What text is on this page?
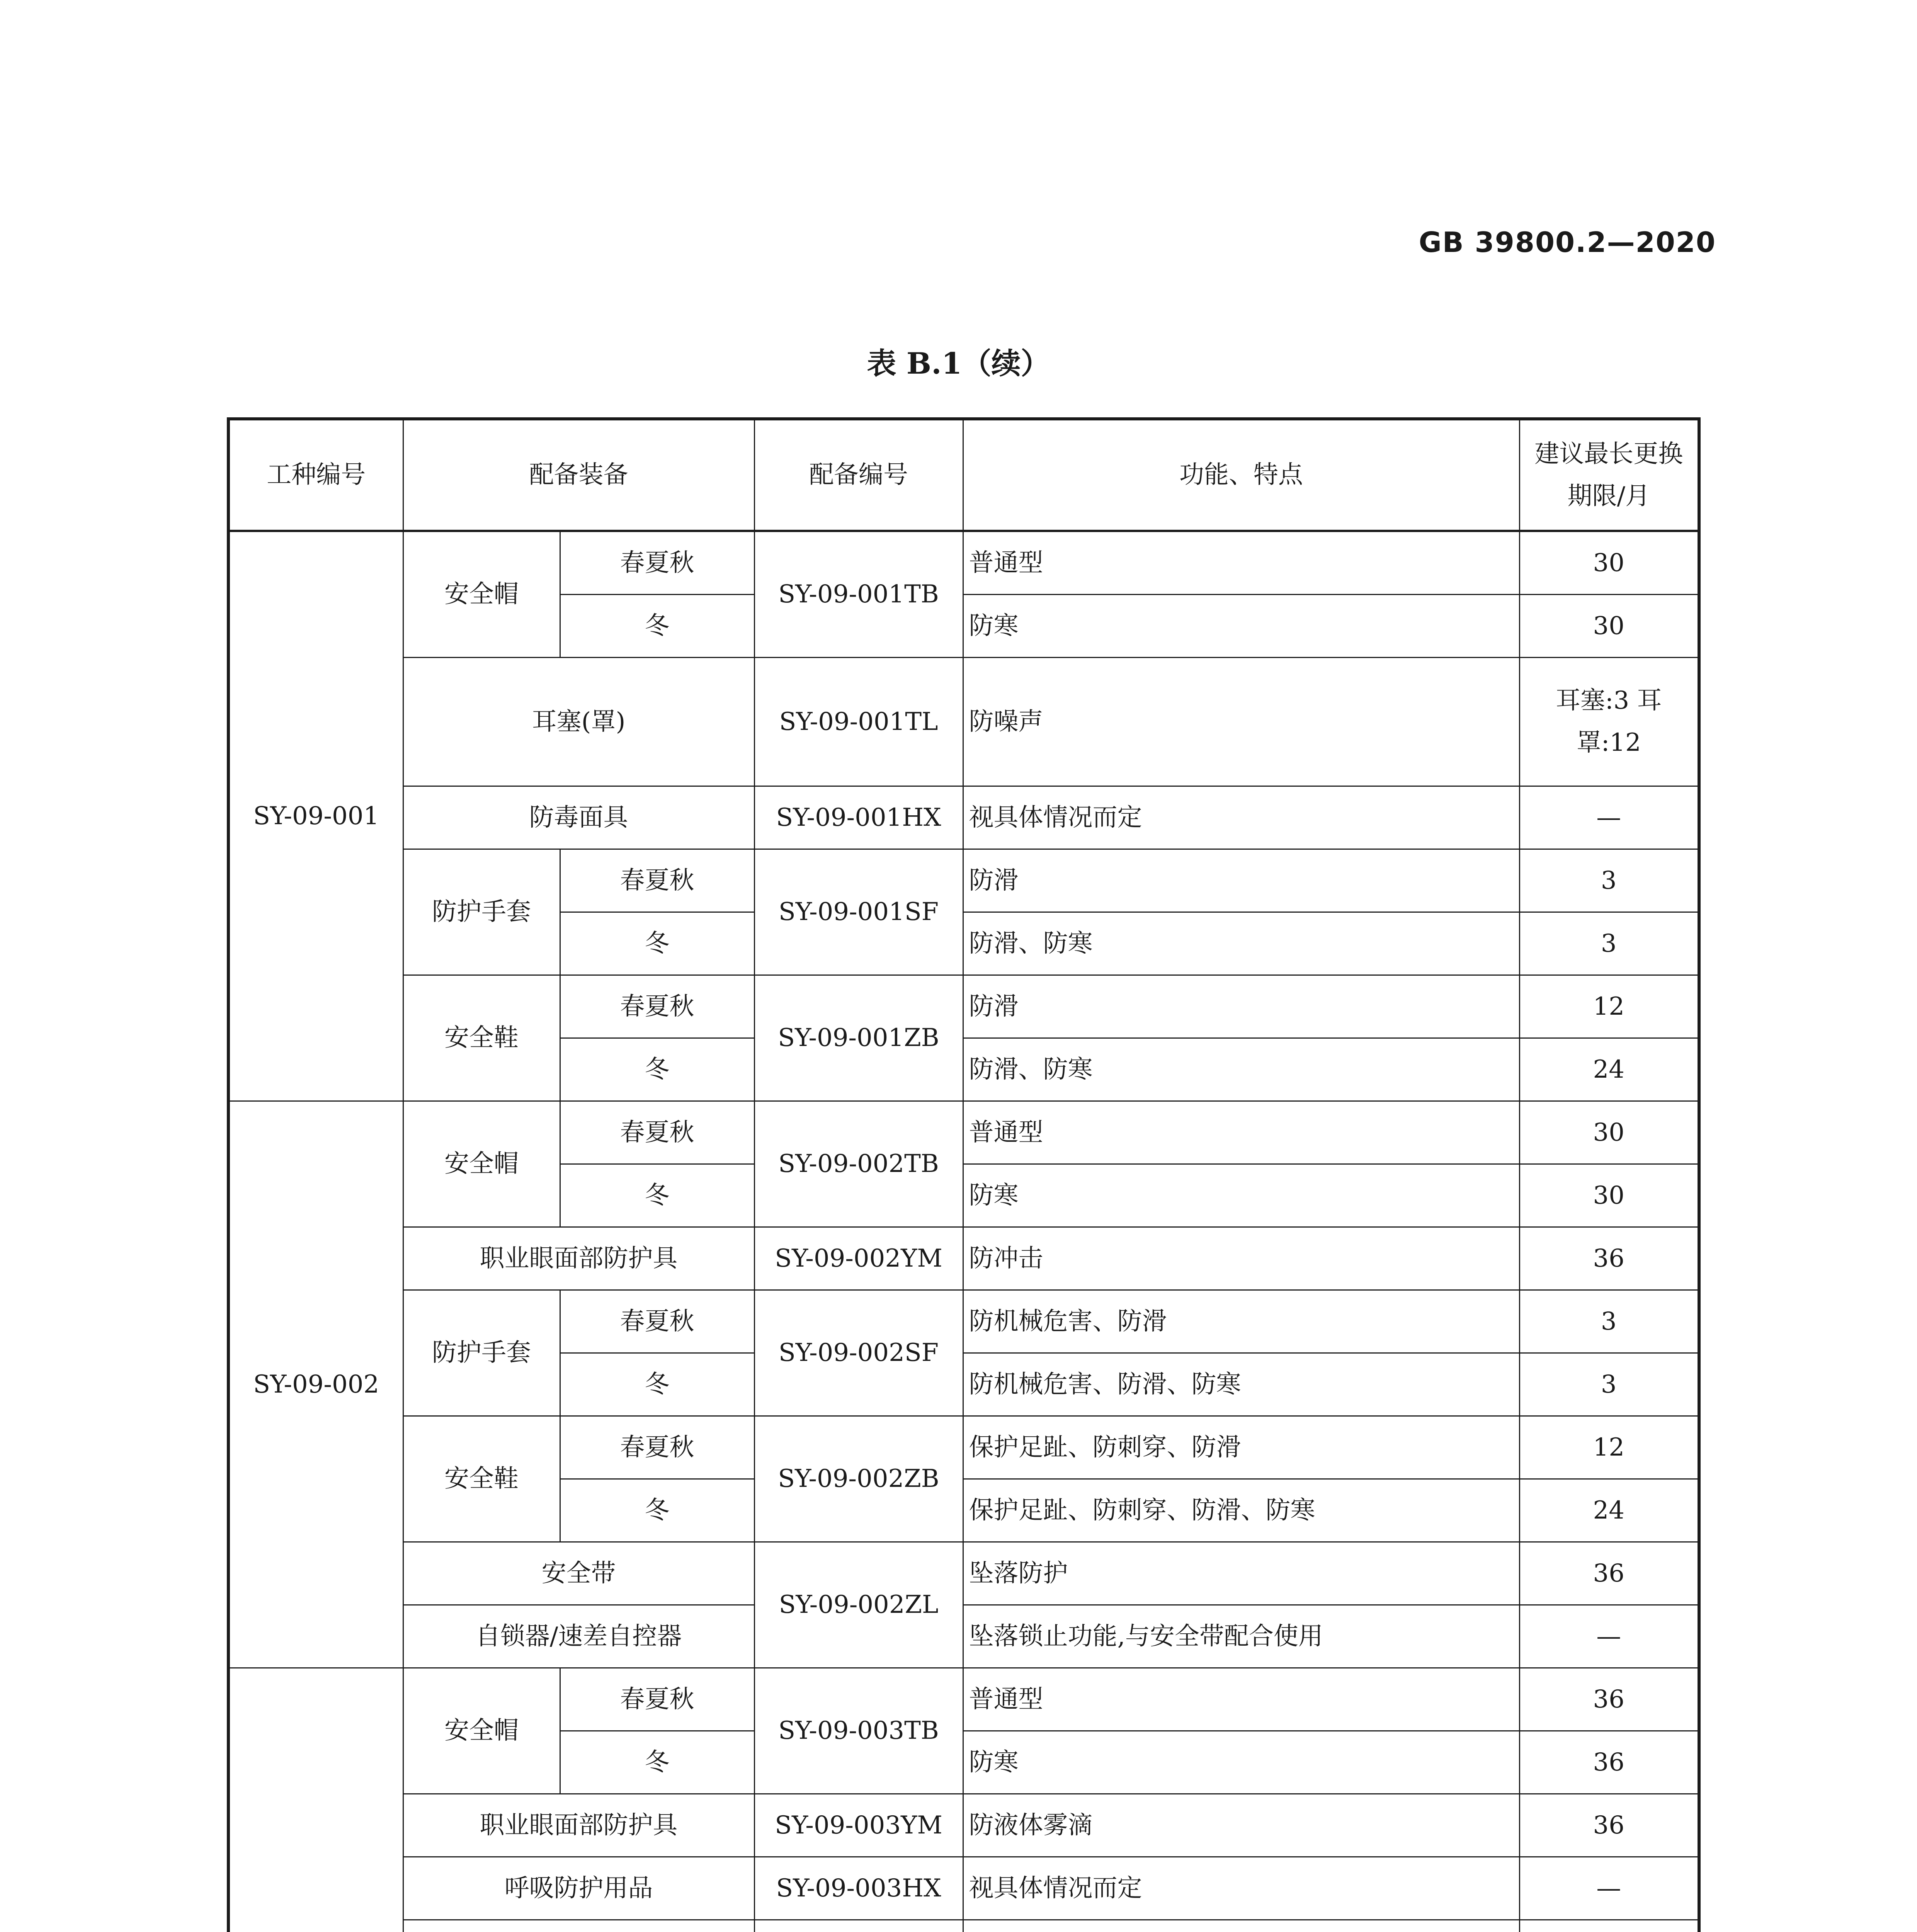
GB 39800.2—2020
表 B.1（续）
工种编号	配备装备		配备编号	功能、特点	建议最长更换期限/月
SY-09-001	安全帽	春夏秋	SY-09-001TB	普通型	30
		冬		防寒	30
	耳塞(罩)		SY-09-001TL	防噪声	耳塞:3 耳罩:12
	防毒面具		SY-09-001HX	视具体情况而定	—
	防护手套	春夏秋	SY-09-001SF	防滑	3
		冬		防滑、防寒	3
	安全鞋	春夏秋	SY-09-001ZB	防滑	12
		冬		防滑、防寒	24
SY-09-002	安全帽	春夏秋	SY-09-002TB	普通型	30
		冬		防寒	30
	职业眼面部防护具		SY-09-002YM	防冲击	36
	防护手套	春夏秋	SY-09-002SF	防机械危害、防滑	3
		冬		防机械危害、防滑、防寒	3
	安全鞋	春夏秋	SY-09-002ZB	保护足趾、防刺穿、防滑	12
		冬		保护足趾、防刺穿、防滑、防寒	24
	安全带		SY-09-002ZL	坠落防护	36
	自锁器/速差自控器			坠落锁止功能,与安全带配合使用	—
	安全帽	春夏秋	SY-09-003TB	普通型	36
		冬		防寒	36
	职业眼面部防护具		SY-09-003YM	防液体雾滴	36
	呼吸防护用品		SY-09-003HX	视具体情况而定	—
